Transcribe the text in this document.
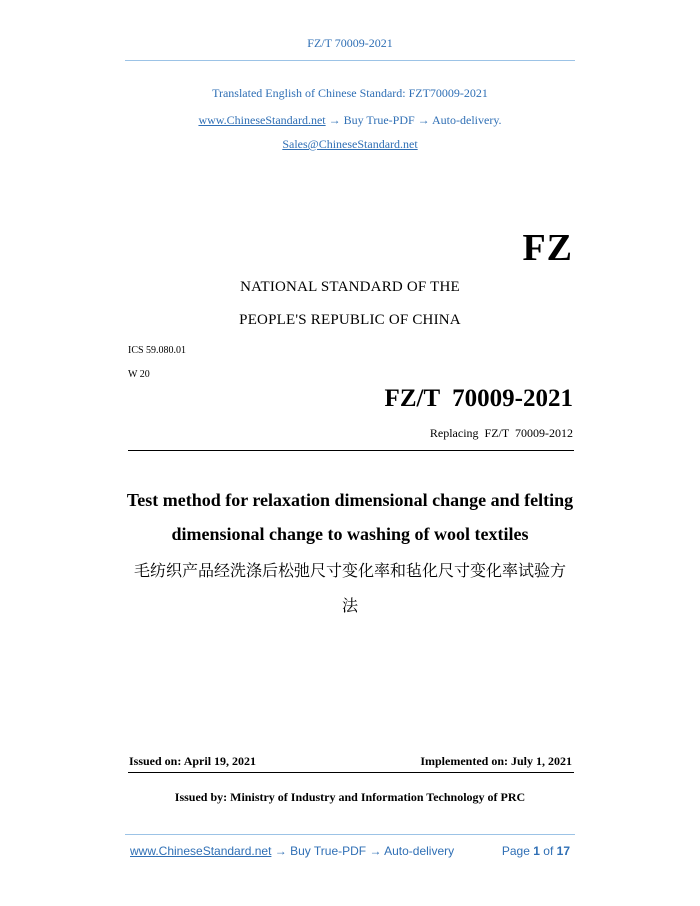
FZ/T 70009-2021
Translated English of Chinese Standard: FZT70009-2021
www.ChineseStandard.net → Buy True-PDF → Auto-delivery.
Sales@ChineseStandard.net
FZ
NATIONAL STANDARD OF THE
PEOPLE'S REPUBLIC OF CHINA
ICS 59.080.01
W 20
FZ/T  70009-2021
Replacing  FZ/T  70009-2012
Test method for relaxation dimensional change and felting
dimensional change to washing of wool textiles
毛纺织产品经洗涤后松弛尺寸变化率和毡化尺寸变化率试验方
法
Issued on: April 19, 2021	Implemented on: July 1, 2021
Issued by: Ministry of Industry and Information Technology of PRC
www.ChineseStandard.net → Buy True-PDF → Auto-delivery	Page 1 of 17
